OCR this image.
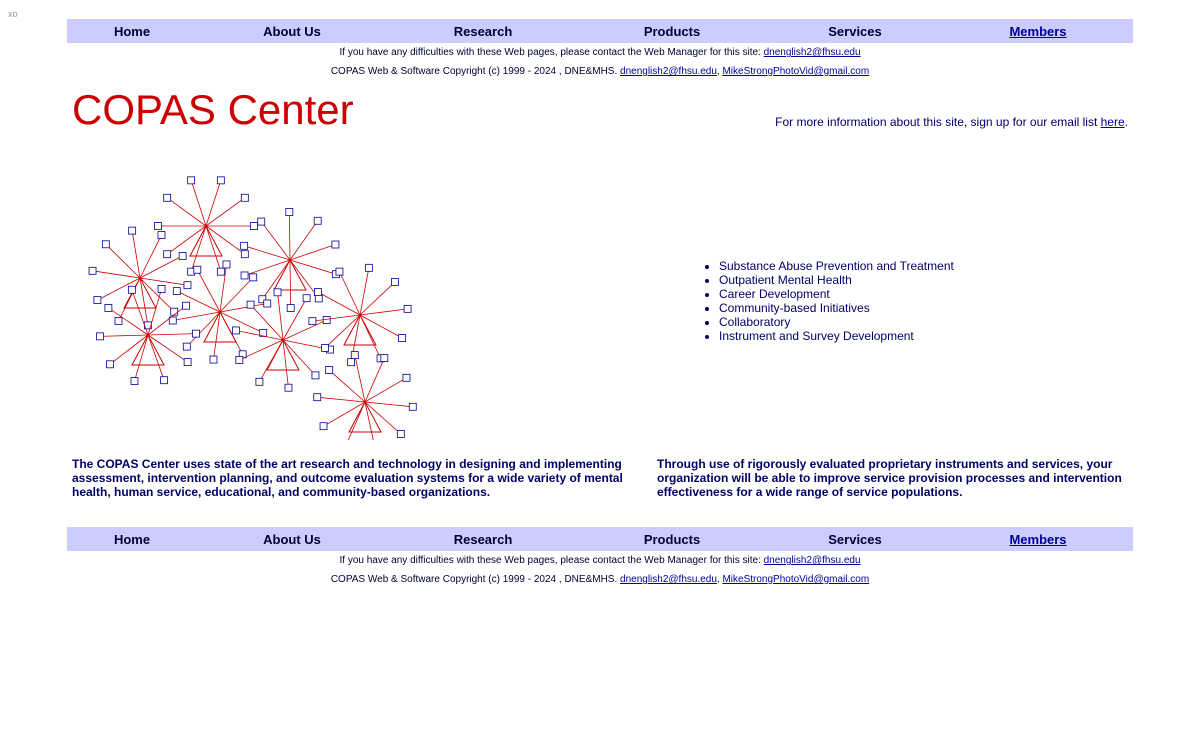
xo
Home	About Us	Research	Products	Services	Members
If you have any difficulties with these Web pages, please contact the Web Manager for this site: dnenglish2@fhsu.edu
COPAS Web & Software Copyright (c) 1999 - 2024 , DNE&MHS. dnenglish2@fhsu.edu, MikeStrongPhotoVid@gmail.com
COPAS Center	For more information about this site, sign up for our email list here.
• Substance Abuse Prevention and Treatment
• Outpatient Mental Health
• Career Development
• Community-based Initiatives
• Collaboratory
• Instrument and Survey Development

The COPAS Center uses state of the art research and technology in designing and implementing assessment, intervention planning, and outcome evaluation systems for a wide variety of mental health, human service, educational, and community-based organizations.

Through use of rigorously evaluated proprietary instruments and services, your organization will be able to improve service provision processes and intervention effectiveness for a wide range of service populations.

Home	About Us	Research	Products	Services	Members
If you have any difficulties with these Web pages, please contact the Web Manager for this site: dnenglish2@fhsu.edu
COPAS Web & Software Copyright (c) 1999 - 2024 , DNE&MHS. dnenglish2@fhsu.edu, MikeStrongPhotoVid@gmail.com
